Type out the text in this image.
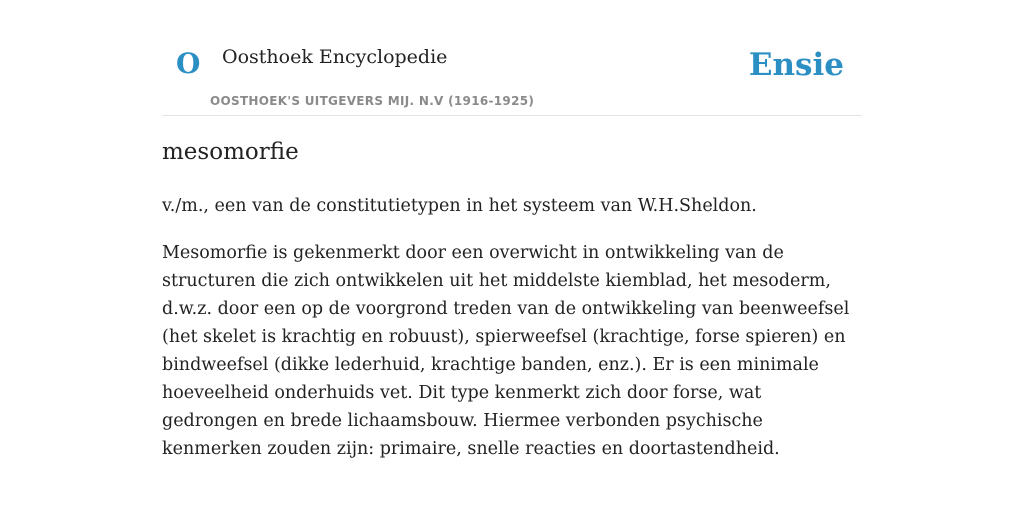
O Oosthoek Encyclopedie
OOSTHOEK'S UITGEVERS MIJ. N.V (1916-1925)
Ensie
mesomorfie

v./m., een van de constitutietypen in het systeem van W.H.Sheldon.

Mesomorfie is gekenmerkt door een overwicht in ontwikkeling van de structuren die zich ontwikkelen uit het middelste kiemblad, het mesoderm, d.w.z. door een op de voorgrond treden van de ontwikkeling van beenweefsel (het skelet is krachtig en robuust), spierweefsel (krachtige, forse spieren) en bindweefsel (dikke lederhuid, krachtige banden, enz.). Er is een minimale hoeveelheid onderhuids vet. Dit type kenmerkt zich door forse, wat gedrongen en brede lichaamsbouw. Hiermee verbonden psychische kenmerken zouden zijn: primaire, snelle reacties en doortastendheid.
